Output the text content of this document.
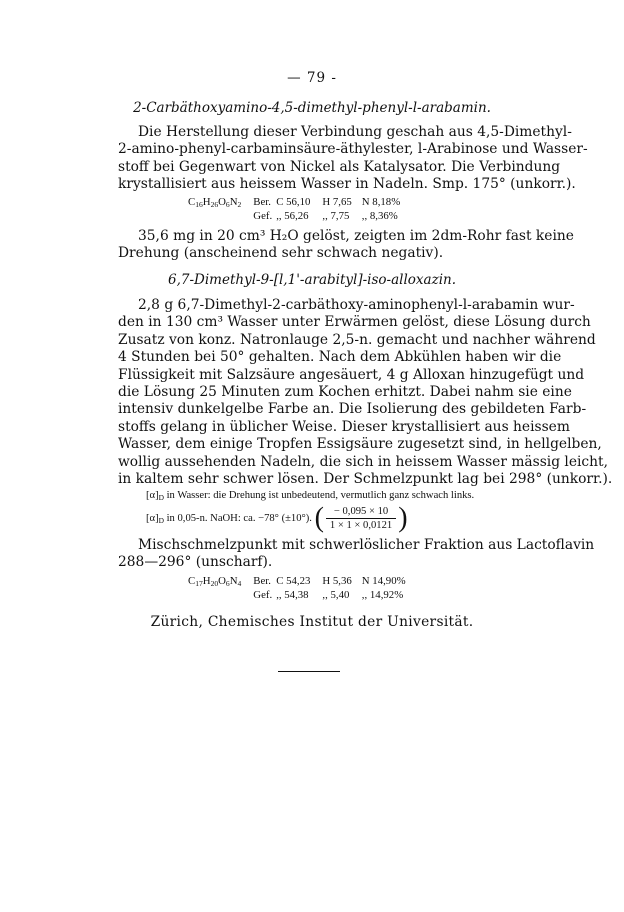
— 79 -
2-Carbäthoxyamino-4,5-dimethyl-phenyl-l-arabamin.
Die Herstellung dieser Verbindung geschah aus 4,5-Dimethyl-
2-amino-phenyl-carbaminsäure-äthylester, l-Arabinose und Wasser-
stoff bei Gegenwart von Nickel als Katalysator. Die Verbindung
krystallisiert aus heissem Wasser in Nadeln. Smp. 175° (unkorr.).
$C_{16}H_{26}O_6N_2$	Ber.	C 56,10	H 7,65	N 8,18%
	Gef.	,, 56,26	,, 7,75	,, 8,36%
35,6 mg in 20 cm³ H₂O gelöst, zeigten im 2dm-Rohr fast keine
Drehung (anscheinend sehr schwach negativ).
6,7-Dimethyl-9-[l,1'-arabityl]-iso-alloxazin.
2,8 g 6,7-Dimethyl-2-carbäthoxy-aminophenyl-l-arabamin wur-
den in 130 cm³ Wasser unter Erwärmen gelöst, diese Lösung durch
Zusatz von konz. Natronlauge 2,5-n. gemacht und nachher während
4 Stunden bei 50° gehalten. Nach dem Abkühlen haben wir die
Flüssigkeit mit Salzsäure angesäuert, 4 g Alloxan hinzugefügt und
die Lösung 25 Minuten zum Kochen erhitzt. Dabei nahm sie eine
intensiv dunkelgelbe Farbe an. Die Isolierung des gebildeten Farb-
stoffs gelang in üblicher Weise. Dieser krystallisiert aus heissem
Wasser, dem einige Tropfen Essigsäure zugesetzt sind, in hellgelben,
wollig aussehenden Nadeln, die sich in heissem Wasser mässig leicht,
in kaltem sehr schwer lösen. Der Schmelzpunkt lag bei 298° (unkorr.).
$[\alpha]_D$ in Wasser: die Drehung ist unbedeutend, vermutlich ganz schwach links.
$[\alpha]_D$ in 0,05-n. NaOH: ca. −78° (±10°). ( $\frac{- 0,095 \times 10}{1 \times 1 \times 0,0121}$ )
Mischschmelzpunkt mit schwerlöslicher Fraktion aus Lactoflavin
288—296° (unscharf).
$C_{17}H_{20}O_6N_4$	Ber.	C 54,23	H 5,36	N 14,90%
	Gef.	,, 54,38	,, 5,40	,, 14,92%
Zürich, Chemisches Institut der Universität.
